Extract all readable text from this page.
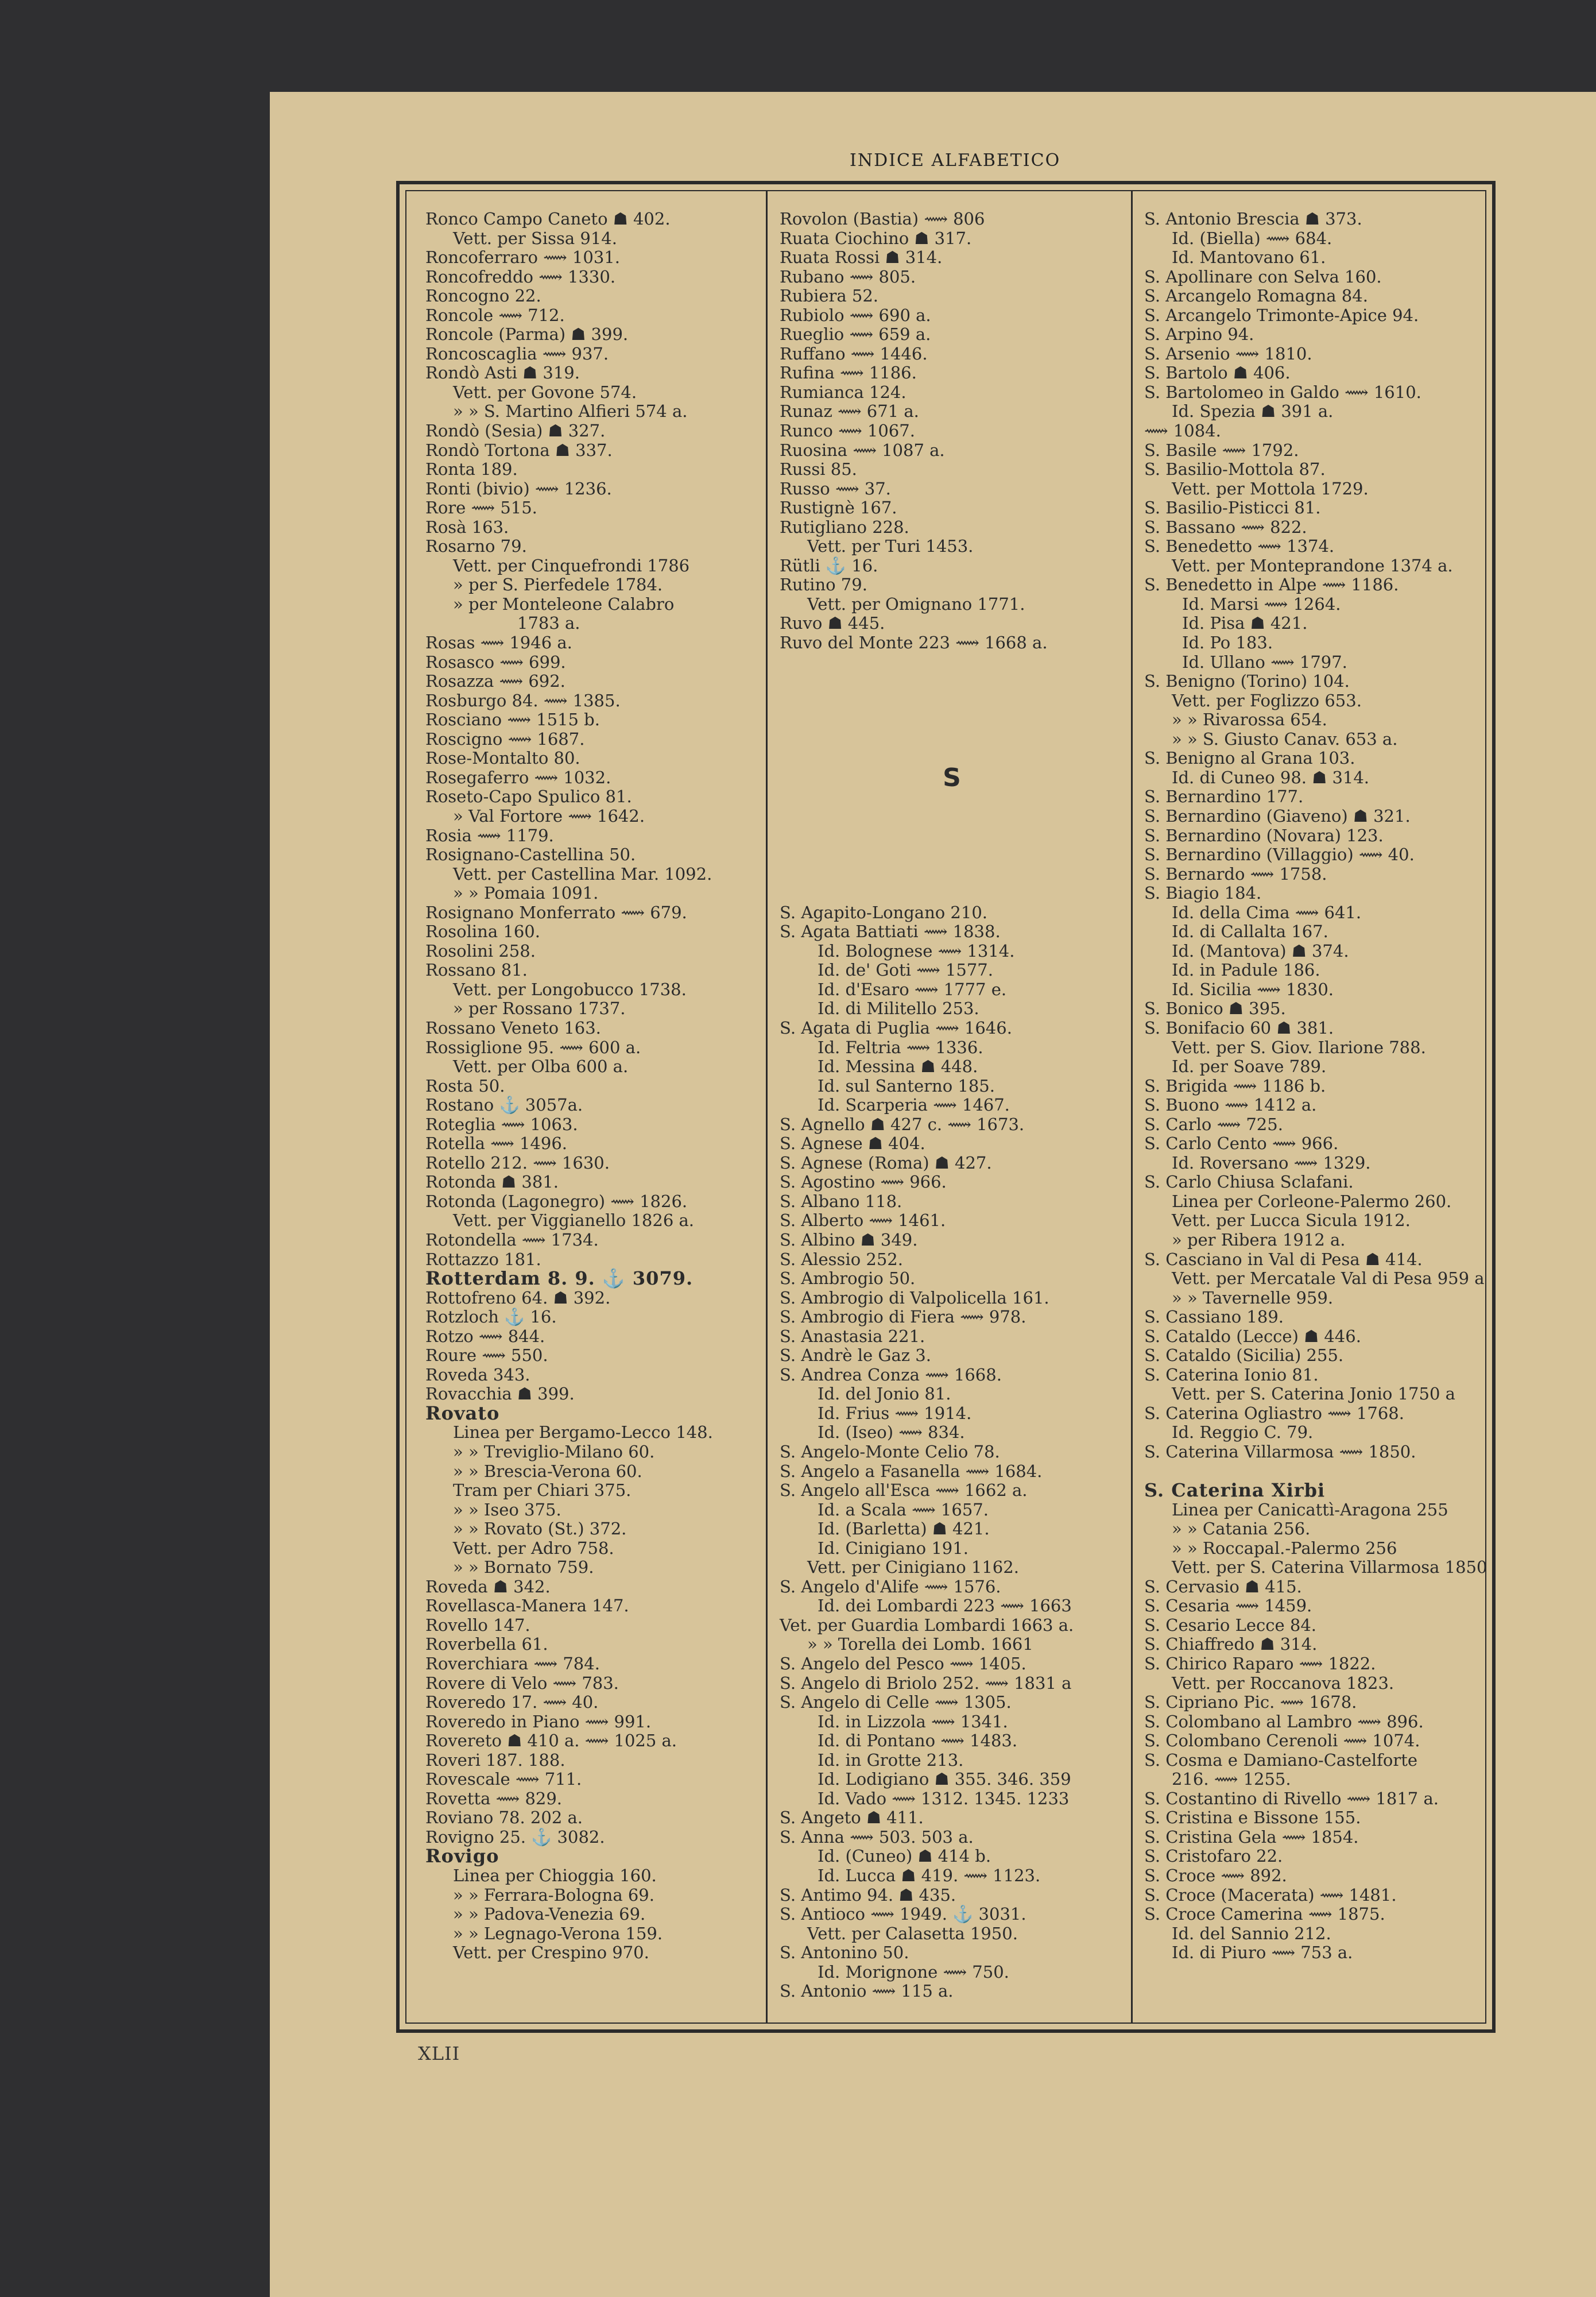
INDICE ALFABETICO
Ronco Campo Caneto ☗ 402.
Vett. per Sissa 914.
Roncoferraro ⟿ 1031.
Roncofreddo ⟿ 1330.
Roncogno 22.
Roncole ⟿ 712.
Roncole (Parma) ☗ 399.
Roncoscaglia ⟿ 937.
Rondò Asti ☗ 319.
Vett. per Govone 574.
» » S. Martino Alfieri 574 a.
Rondò (Sesia) ☗ 327.
Rondò Tortona ☗ 337.
Ronta 189.
Ronti (bivio) ⟿ 1236.
Rore ⟿ 515.
Rosà 163.
Rosarno 79.
Vett. per Cinquefrondi 1786
» per S. Pierfedele 1784.
» per Monteleone Calabro
1783 a.
Rosas ⟿ 1946 a.
Rosasco ⟿ 699.
Rosazza ⟿ 692.
Rosburgo 84. ⟿ 1385.
Rosciano ⟿ 1515 b.
Roscigno ⟿ 1687.
Rose-Montalto 80.
Rosegaferro ⟿ 1032.
Roseto-Capo Spulico 81.
» Val Fortore ⟿ 1642.
Rosia ⟿ 1179.
Rosignano-Castellina 50.
Vett. per Castellina Mar. 1092.
» » Pomaia 1091.
Rosignano Monferrato ⟿ 679.
Rosolina 160.
Rosolini 258.
Rossano 81.
Vett. per Longobucco 1738.
» per Rossano 1737.
Rossano Veneto 163.
Rossiglione 95. ⟿ 600 a.
Vett. per Olba 600 a.
Rosta 50.
Rostano ⚓ 3057a.
Roteglia ⟿ 1063.
Rotella ⟿ 1496.
Rotello 212. ⟿ 1630.
Rotonda ☗ 381.
Rotonda (Lagonegro) ⟿ 1826.
Vett. per Viggianello 1826 a.
Rotondella ⟿ 1734.
Rottazzo 181.
Rotterdam 8. 9. ⚓ 3079.
Rottofreno 64. ☗ 392.
Rotzloch ⚓ 16.
Rotzo ⟿ 844.
Roure ⟿ 550.
Roveda 343.
Rovacchia ☗ 399.
Rovato
Linea per Bergamo-Lecco 148.
» » Treviglio-Milano 60.
» » Brescia-Verona 60.
Tram per Chiari 375.
» » Iseo 375.
» » Rovato (St.) 372.
Vett. per Adro 758.
» » Bornato 759.
Roveda ☗ 342.
Rovellasca-Manera 147.
Rovello 147.
Roverbella 61.
Roverchiara ⟿ 784.
Rovere di Velo ⟿ 783.
Roveredo 17. ⟿ 40.
Roveredo in Piano ⟿ 991.
Rovereto ☗ 410 a. ⟿ 1025 a.
Roveri 187. 188.
Rovescale ⟿ 711.
Rovetta ⟿ 829.
Roviano 78. 202 a.
Rovigno 25. ⚓ 3082.
Rovigo
Linea per Chioggia 160.
» » Ferrara-Bologna 69.
» » Padova-Venezia 69.
» » Legnago-Verona 159.
Vett. per Crespino 970.
Rovolon (Bastia) ⟿ 806
Ruata Ciochino ☗ 317.
Ruata Rossi ☗ 314.
Rubano ⟿ 805.
Rubiera 52.
Rubiolo ⟿ 690 a.
Rueglio ⟿ 659 a.
Ruffano ⟿ 1446.
Rufina ⟿ 1186.
Rumianca 124.
Runaz ⟿ 671 a.
Runco ⟿ 1067.
Ruosina ⟿ 1087 a.
Russi 85.
Russo ⟿ 37.
Rustignè 167.
Rutigliano 228.
Vett. per Turi 1453.
Rütli ⚓ 16.
Rutino 79.
Vett. per Omignano 1771.
Ruvo ☗ 445.
Ruvo del Monte 223 ⟿ 1668 a.
S
S. Agapito-Longano 210.
S. Agata Battiati ⟿ 1838.
Id. Bolognese ⟿ 1314.
Id. de' Goti ⟿ 1577.
Id. d'Esaro ⟿ 1777 e.
Id. di Militello 253.
S. Agata di Puglia ⟿ 1646.
Id. Feltria ⟿ 1336.
Id. Messina ☗ 448.
Id. sul Santerno 185.
Id. Scarperia ⟿ 1467.
S. Agnello ☗ 427 c. ⟿ 1673.
S. Agnese ☗ 404.
S. Agnese (Roma) ☗ 427.
S. Agostino ⟿ 966.
S. Albano 118.
S. Alberto ⟿ 1461.
S. Albino ☗ 349.
S. Alessio 252.
S. Ambrogio 50.
S. Ambrogio di Valpolicella 161.
S. Ambrogio di Fiera ⟿ 978.
S. Anastasia 221.
S. Andrè le Gaz 3.
S. Andrea Conza ⟿ 1668.
Id. del Jonio 81.
Id. Frius ⟿ 1914.
Id. (Iseo) ⟿ 834.
S. Angelo-Monte Celio 78.
S. Angelo a Fasanella ⟿ 1684.
S. Angelo all'Esca ⟿ 1662 a.
Id. a Scala ⟿ 1657.
Id. (Barletta) ☗ 421.
Id. Cinigiano 191.
Vett. per Cinigiano 1162.
S. Angelo d'Alife ⟿ 1576.
Id. dei Lombardi 223 ⟿ 1663
Vet. per Guardia Lombardi 1663 a.
» » Torella dei Lomb. 1661
S. Angelo del Pesco ⟿ 1405.
S. Angelo di Briolo 252. ⟿ 1831 a
S. Angelo di Celle ⟿ 1305.
Id. in Lizzola ⟿ 1341.
Id. di Pontano ⟿ 1483.
Id. in Grotte 213.
Id. Lodigiano ☗ 355. 346. 359
Id. Vado ⟿ 1312. 1345. 1233
S. Angeto ☗ 411.
S. Anna ⟿ 503. 503 a.
Id. (Cuneo) ☗ 414 b.
Id. Lucca ☗ 419. ⟿ 1123.
S. Antimo 94. ☗ 435.
S. Antioco ⟿ 1949. ⚓ 3031.
Vett. per Calasetta 1950.
S. Antonino 50.
Id. Morignone ⟿ 750.
S. Antonio ⟿ 115 a.
S. Antonio Brescia ☗ 373.
Id. (Biella) ⟿ 684.
Id. Mantovano 61.
S. Apollinare con Selva 160.
S. Arcangelo Romagna 84.
S. Arcangelo Trimonte-Apice 94.
S. Arpino 94.
S. Arsenio ⟿ 1810.
S. Bartolo ☗ 406.
S. Bartolomeo in Galdo ⟿ 1610.
Id. Spezia ☗ 391 a.
⟿ 1084.
S. Basile ⟿ 1792.
S. Basilio-Mottola 87.
Vett. per Mottola 1729.
S. Basilio-Pisticci 81.
S. Bassano ⟿ 822.
S. Benedetto ⟿ 1374.
Vett. per Monteprandone 1374 a.
S. Benedetto in Alpe ⟿ 1186.
Id. Marsi ⟿ 1264.
Id. Pisa ☗ 421.
Id. Po 183.
Id. Ullano ⟿ 1797.
S. Benigno (Torino) 104.
Vett. per Foglizzo 653.
» » Rivarossa 654.
» » S. Giusto Canav. 653 a.
S. Benigno al Grana 103.
Id. di Cuneo 98. ☗ 314.
S. Bernardino 177.
S. Bernardino (Giaveno) ☗ 321.
S. Bernardino (Novara) 123.
S. Bernardino (Villaggio) ⟿ 40.
S. Bernardo ⟿ 1758.
S. Biagio 184.
Id. della Cima ⟿ 641.
Id. di Callalta 167.
Id. (Mantova) ☗ 374.
Id. in Padule 186.
Id. Sicilia ⟿ 1830.
S. Bonico ☗ 395.
S. Bonifacio 60 ☗ 381.
Vett. per S. Giov. Ilarione 788.
Id. per Soave 789.
S. Brigida ⟿ 1186 b.
S. Buono ⟿ 1412 a.
S. Carlo ⟿ 725.
S. Carlo Cento ⟿ 966.
Id. Roversano ⟿ 1329.
S. Carlo Chiusa Sclafani.
Linea per Corleone-Palermo 260.
Vett. per Lucca Sicula 1912.
» per Ribera 1912 a.
S. Casciano in Val di Pesa ☗ 414.
Vett. per Mercatale Val di Pesa 959 a
» » Tavernelle 959.
S. Cassiano 189.
S. Cataldo (Lecce) ☗ 446.
S. Cataldo (Sicilia) 255.
S. Caterina Ionio 81.
Vett. per S. Caterina Jonio 1750 a
S. Caterina Ogliastro ⟿ 1768.
Id. Reggio C. 79.
S. Caterina Villarmosa ⟿ 1850.
S. Caterina Xirbi
Linea per Canicattì-Aragona 255
» » Catania 256.
» » Roccapal.-Palermo 256
Vett. per S. Caterina Villarmosa 1850
S. Cervasio ☗ 415.
S. Cesaria ⟿ 1459.
S. Cesario Lecce 84.
S. Chiaffredo ☗ 314.
S. Chirico Raparo ⟿ 1822.
Vett. per Roccanova 1823.
S. Cipriano Pic. ⟿ 1678.
S. Colombano al Lambro ⟿ 896.
S. Colombano Cerenoli ⟿ 1074.
S. Cosma e Damiano-Castelforte
216. ⟿ 1255.
S. Costantino di Rivello ⟿ 1817 a.
S. Cristina e Bissone 155.
S. Cristina Gela ⟿ 1854.
S. Cristofaro 22.
S. Croce ⟿ 892.
S. Croce (Macerata) ⟿ 1481.
S. Croce Camerina ⟿ 1875.
Id. del Sannio 212.
Id. di Piuro ⟿ 753 a.
XLII
